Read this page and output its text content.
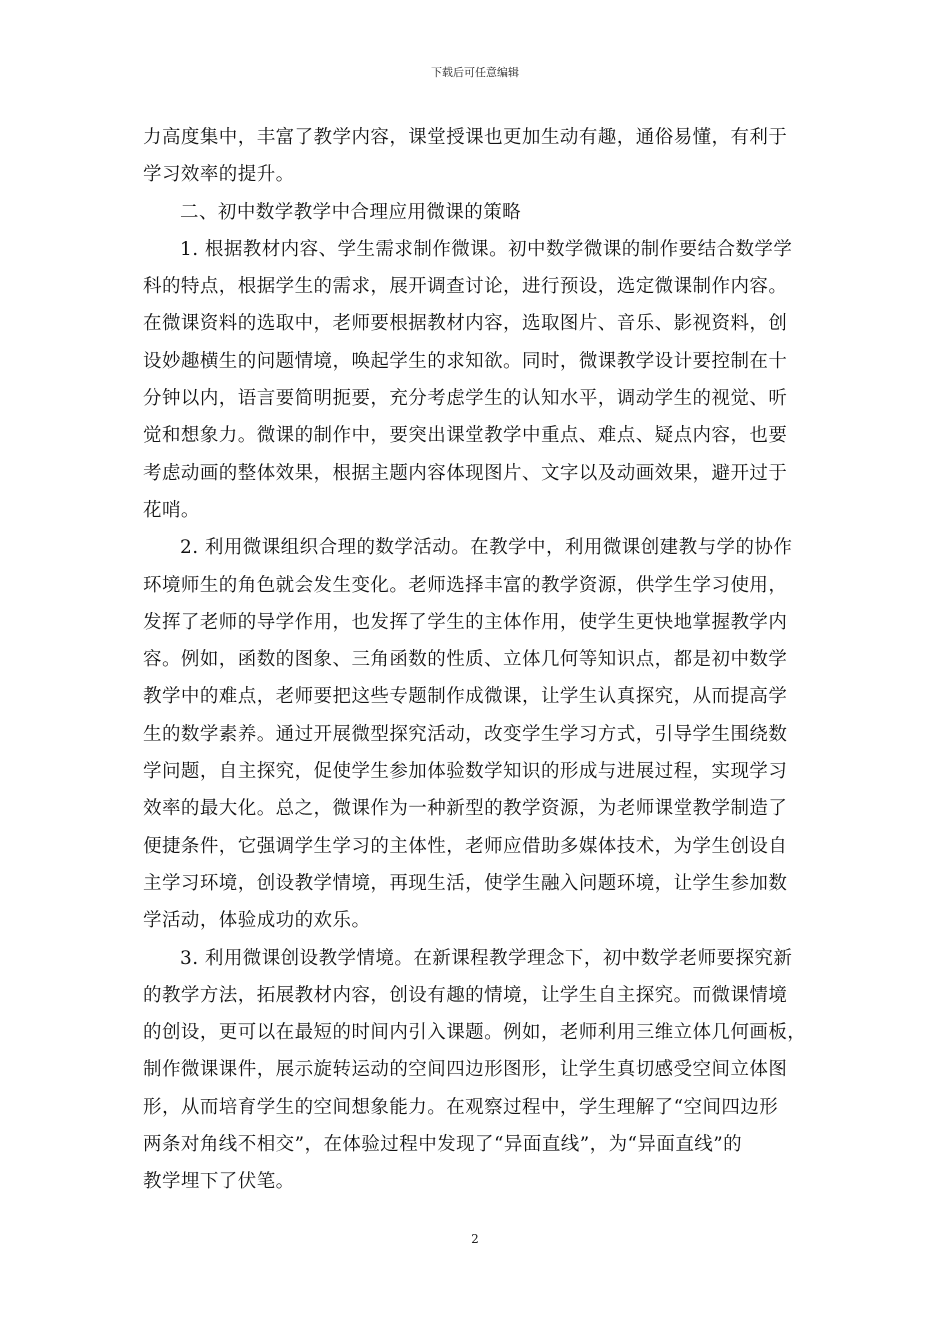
下载后可任意编辑
力高度集中，丰富了教学内容，课堂授课也更加生动有趣，通俗易懂，有利于
学习效率的提升。
二、初中数学教学中合理应用微课的策略
1. 根据教材内容、学生需求制作微课。初中数学微课的制作要结合数学学
科的特点，根据学生的需求，展开调查讨论，进行预设，选定微课制作内容。
在微课资料的选取中，老师要根据教材内容，选取图片、音乐、影视资料，创
设妙趣横生的问题情境，唤起学生的求知欲。同时，微课教学设计要控制在十
分钟以内，语言要简明扼要，充分考虑学生的认知水平，调动学生的视觉、听
觉和想象力。微课的制作中，要突出课堂教学中重点、难点、疑点内容，也要
考虑动画的整体效果，根据主题内容体现图片、文字以及动画效果，避开过于
花哨。
2. 利用微课组织合理的数学活动。在教学中，利用微课创建教与学的协作
环境师生的角色就会发生变化。老师选择丰富的教学资源，供学生学习使用，
发挥了老师的导学作用，也发挥了学生的主体作用，使学生更快地掌握教学内
容。例如，函数的图象、三角函数的性质、立体几何等知识点，都是初中数学
教学中的难点，老师要把这些专题制作成微课，让学生认真探究，从而提高学
生的数学素养。通过开展微型探究活动，改变学生学习方式，引导学生围绕数
学问题，自主探究，促使学生参加体验数学知识的形成与进展过程，实现学习
效率的最大化。总之，微课作为一种新型的教学资源，为老师课堂教学制造了
便捷条件，它强调学生学习的主体性，老师应借助多媒体技术，为学生创设自
主学习环境，创设教学情境，再现生活，使学生融入问题环境，让学生参加数
学活动，体验成功的欢乐。
3. 利用微课创设教学情境。在新课程教学理念下，初中数学老师要探究新
的教学方法，拓展教材内容，创设有趣的情境，让学生自主探究。而微课情境
的创设，更可以在最短的时间内引入课题。例如，老师利用三维立体几何画板，
制作微课课件，展示旋转运动的空间四边形图形，让学生真切感受空间立体图
形，从而培育学生的空间想象能力。在观察过程中，学生理解了“空间四边形
两条对角线不相交”，在体验过程中发现了“异面直线”，为“异面直线”的
教学埋下了伏笔。
2
